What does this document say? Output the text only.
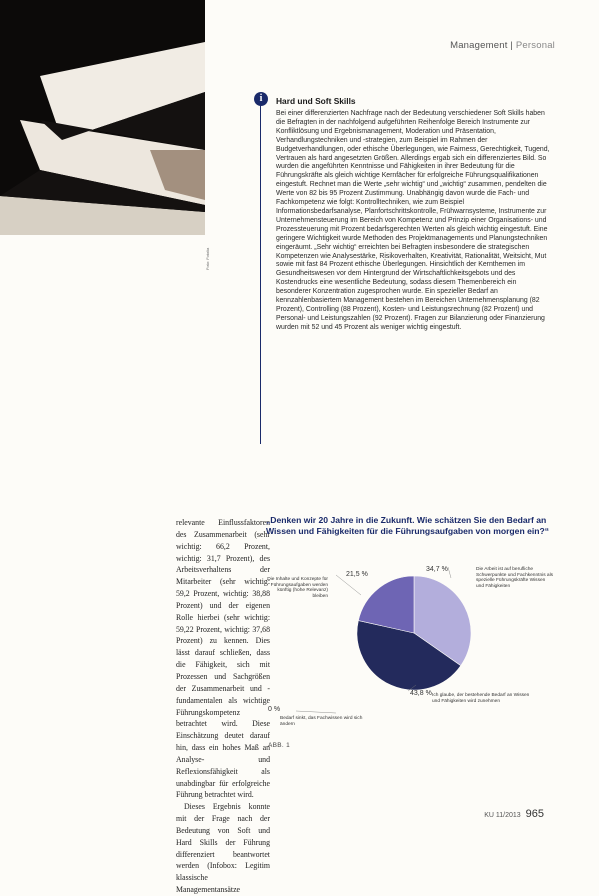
Management | Personal
Foto: Fotolia
i	Hard und Soft Skills

Bei einer differenzierten Nachfrage nach der Bedeutung verschiedener Soft Skills haben die Befragten in der nachfolgend aufgeführten Reihenfolge Bereich Instrumente zur Konfliktlösung und Ergebnismanagement, Moderation und Präsentation, Verhandlungstechniken und -strategien, zum Beispiel im Rahmen der Budgetverhandlungen, oder ethische Überlegungen, wie Fairness, Gerechtigkeit, Tugend, Vertrauen als hard angesetzten Größen. Allerdings ergab sich ein differenziertes Bild. So wurden die angeführten Kenntnisse und Fähigkeiten in ihrer Bedeutung für die Führungskräfte als gleich wichtige Kernfächer für erfolgreiche Führungsqualifikationen eingestuft. Rechnet man die Werte „sehr wichtig“ und „wichtig“ zusammen, pendelten die Werte von 82 bis 95 Prozent Zustimmung. Unabhängig davon wurde die Fach- und Fachkompetenz wie folgt: Kontrolltechniken, wie zum Beispiel Informationsbedarfsanalyse, Planfortschrittskontrolle, Frühwarnsysteme, Instrumente zur Unternehmensteuerung im Bereich von Kompetenz und Prinzip einer Organisations- und Prozessteuerung mit Prozent bedarfsgerechten Werten als gleich wichtig eingestuft. Eine geringere Wichtigkeit wurde Methoden des Projektmanagements und Planungstechniken eingeräumt. „Sehr wichtig“ erreichten bei Befragten insbesondere die strategischen Kompetenzen wie Analysestärke, Risikoverhalten, Kreativität, Rationalität, Weitsicht, Mut sowie mit fast 84 Prozent ethische Überlegungen. Hinsichtlich der Kernthemen im Gesundheitswesen vor dem Hintergrund der Wirtschaftlichkeitsgebots und des Kostendrucks eine wesentliche Bedeutung, sodass diesem Themenbereich ein besonderer Konzentration zugesprochen wurde. Ein spezieller Bedarf an kennzahlenbasiertem Management bestehen im Bereichen Unternehmensplanung (82 Prozent), Controlling (88 Prozent), Kosten- und Leistungsrechnung (82 Prozent) und Personal- und Leistungszahlen (92 Prozent). Fragen zur Bilanzierung oder Finanzierung wurden mit 52 und 45 Prozent als weniger wichtig eingestuft.

relevante Einflussfaktoren des Zusammenarbeit (sehr wichtig: 66,2 Prozent, wichtig: 31,7 Prozent), des Arbeitsverhaltens der Mitarbeiter (sehr wichtig: 59,2 Prozent, wichtig: 38,88 Prozent) und der eigenen Rolle hierbei (sehr wichtig: 59,22 Prozent, wichtig: 37,68 Prozent) zu kennen. Dies lässt darauf schließen, dass die Fähigkeit, sich mit Prozessen und Sachgrößen der Zusammenarbeit und -fundamentalen als wichtige Führungskompetenz betrachtet wird. Diese Einschätzung deutet darauf hin, dass ein hohes Maß an Analyse- und Reflexionsfähigkeit als unabdingbar für erfolgreiche Führung betrachtet wird.

Dieses Ergebnis konnte mit der Frage nach der Bedeutung von Soft und Hard Skills der Führung differenziert beantwortet werden (Infobox: Legitim klassische Managementansätze

„Denken wir 20 Jahre in die Zukunft. Wie schätzen Sie den Bedarf an Wissen und Fähigkeiten für die Führungsaufgaben von morgen ein?“

21,5 %
34,7 %
43,8 %
0 %
Die Inhalte und Konzepte für Führungsaufgaben werden künftig (hohe Relevanz) bleiben
Die Arbeit ist auf berufliche Schwerpunkte und Fachkenntnis als spezielle Führungskräfte Wissen und Fähigkeiten
Ich glaube, der bestehende Bedarf an Wissen und Fähigkeiten wird zunehmen
Bedarf sinkt, das Fachwissen wird sich ändern
ABB. 1
KU 11/2013 965
